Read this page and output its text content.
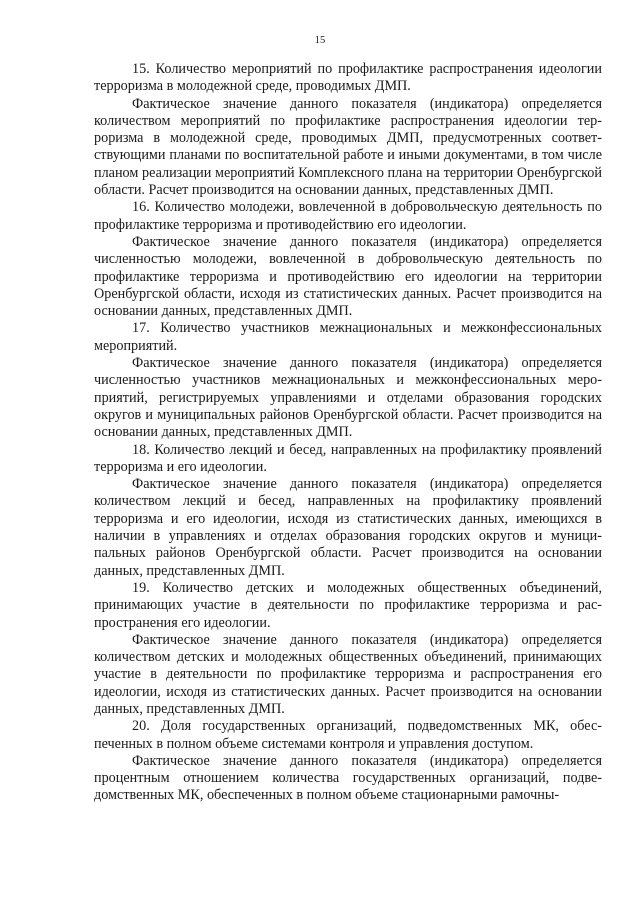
15

15. Количество мероприятий по профилактике распространения идеологии терроризма в молодежной среде, проводимых ДМП.

Фактическое значение данного показателя (индикатора) определяется количеством мероприятий по профилактике распространения идеологии терроризма в молодежной среде, проводимых ДМП, предусмотренных соответствующими планами по воспитательной работе и иными документами, в том числе планом реализации мероприятий Комплексного плана на территории Оренбургской области. Расчет производится на основании данных, представленных ДМП.

16. Количество молодежи, вовлеченной в добровольческую деятельность по профилактике терроризма и противодействию его идеологии.

Фактическое значение данного показателя (индикатора) определяется численностью молодежи, вовлеченной в добровольческую деятельность по профилактике терроризма и противодействию его идеологии на территории Оренбургской области, исходя из статистических данных. Расчет производится на основании данных, представленных ДМП.

17. Количество участников межнациональных и межконфессиональных мероприятий.

Фактическое значение данного показателя (индикатора) определяется численностью участников межнациональных и межконфессиональных мероприятий, регистрируемых управлениями и отделами образования городских округов и муниципальных районов Оренбургской области. Расчет производится на основании данных, представленных ДМП.

18. Количество лекций и бесед, направленных на профилактику проявлений терроризма и его идеологии.

Фактическое значение данного показателя (индикатора) определяется количеством лекций и бесед, направленных на профилактику проявлений терроризма и его идеологии, исходя из статистических данных, имеющихся в наличии в управлениях и отделах образования городских округов и муниципальных районов Оренбургской области. Расчет производится на основании данных, представленных ДМП.

19. Количество детских и молодежных общественных объединений, принимающих участие в деятельности по профилактике терроризма и распространения его идеологии.

Фактическое значение данного показателя (индикатора) определяется количеством детских и молодежных общественных объединений, принимающих участие в деятельности по профилактике терроризма и распространения его идеологии, исходя из статистических данных. Расчет производится на основании данных, представленных ДМП.

20. Доля государственных организаций, подведомственных МК, обеспеченных в полном объеме системами контроля и управления доступом.

Фактическое значение данного показателя (индикатора) определяется процентным отношением количества государственных организаций, подведомственных МК, обеспеченных в полном объеме стационарными рамочны-
